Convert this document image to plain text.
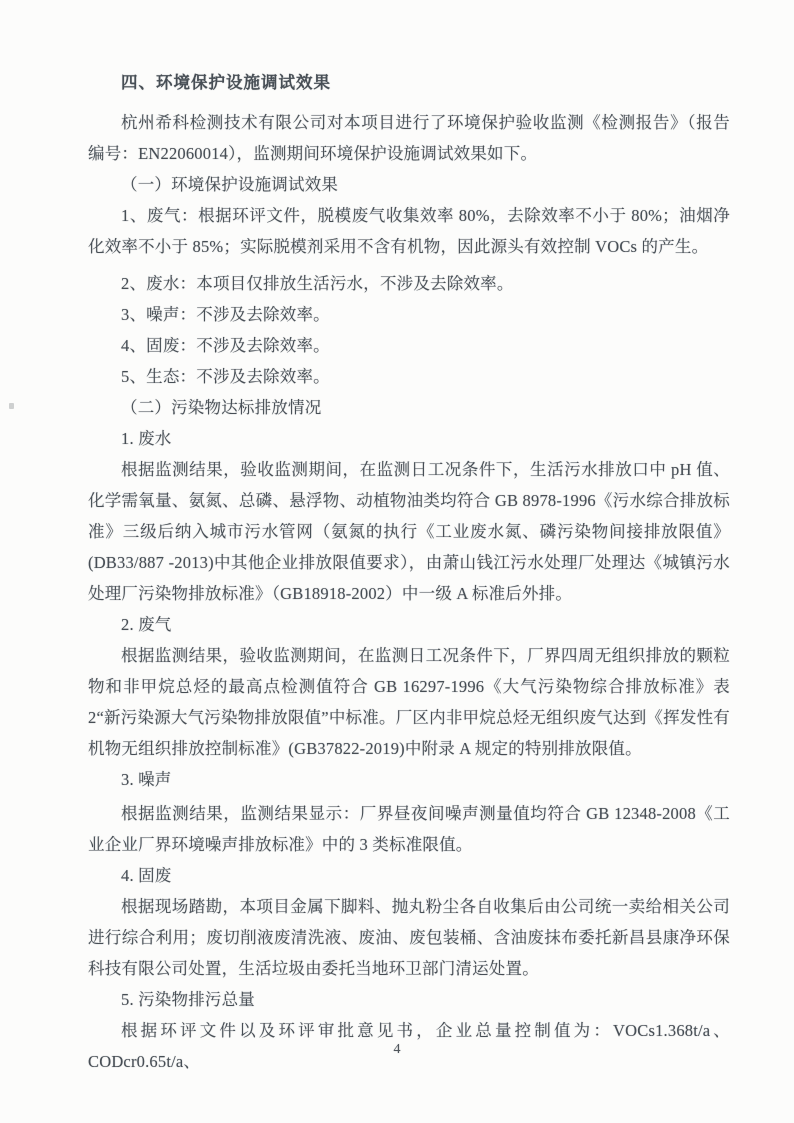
四、环境保护设施调试效果

杭州希科检测技术有限公司对本项目进行了环境保护验收监测《检测报告》（报告编号：EN22060014），监测期间环境保护设施调试效果如下。

（一）环境保护设施调试效果

1、废气：根据环评文件，脱模废气收集效率 80%，去除效率不小于 80%；油烟净化效率不小于 85%；实际脱模剂采用不含有机物，因此源头有效控制 VOCs 的产生。

2、废水：本项目仅排放生活污水，不涉及去除效率。

3、噪声：不涉及去除效率。

4、固废：不涉及去除效率。

5、生态：不涉及去除效率。

（二）污染物达标排放情况

1. 废水

根据监测结果，验收监测期间，在监测日工况条件下，生活污水排放口中 pH 值、化学需氧量、氨氮、总磷、悬浮物、动植物油类均符合 GB 8978-1996《污水综合排放标准》三级后纳入城市污水管网（氨氮的执行《工业废水氮、磷污染物间接排放限值》(DB33/887 -2013)中其他企业排放限值要求），由萧山钱江污水处理厂处理达《城镇污水处理厂污染物排放标准》（GB18918-2002）中一级 A 标准后外排。

2. 废气

根据监测结果，验收监测期间，在监测日工况条件下，厂界四周无组织排放的颗粒物和非甲烷总烃的最高点检测值符合 GB 16297-1996《大气污染物综合排放标准》表 2“新污染源大气污染物排放限值”中标准。厂区内非甲烷总烃无组织废气达到《挥发性有机物无组织排放控制标准》(GB37822-2019)中附录 A 规定的特别排放限值。

3. 噪声

根据监测结果，监测结果显示：厂界昼夜间噪声测量值均符合 GB 12348-2008《工业企业厂界环境噪声排放标准》中的 3 类标准限值。

4. 固废

根据现场踏勘，本项目金属下脚料、抛丸粉尘各自收集后由公司统一卖给相关公司进行综合利用；废切削液废清洗液、废油、废包装桶、含油废抹布委托新昌县康净环保科技有限公司处置，生活垃圾由委托当地环卫部门清运处置。

5. 污染物排污总量

根据环评文件以及环评审批意见书，企业总量控制值为：VOCs1.368t/a、CODcr0.65t/a、

4
